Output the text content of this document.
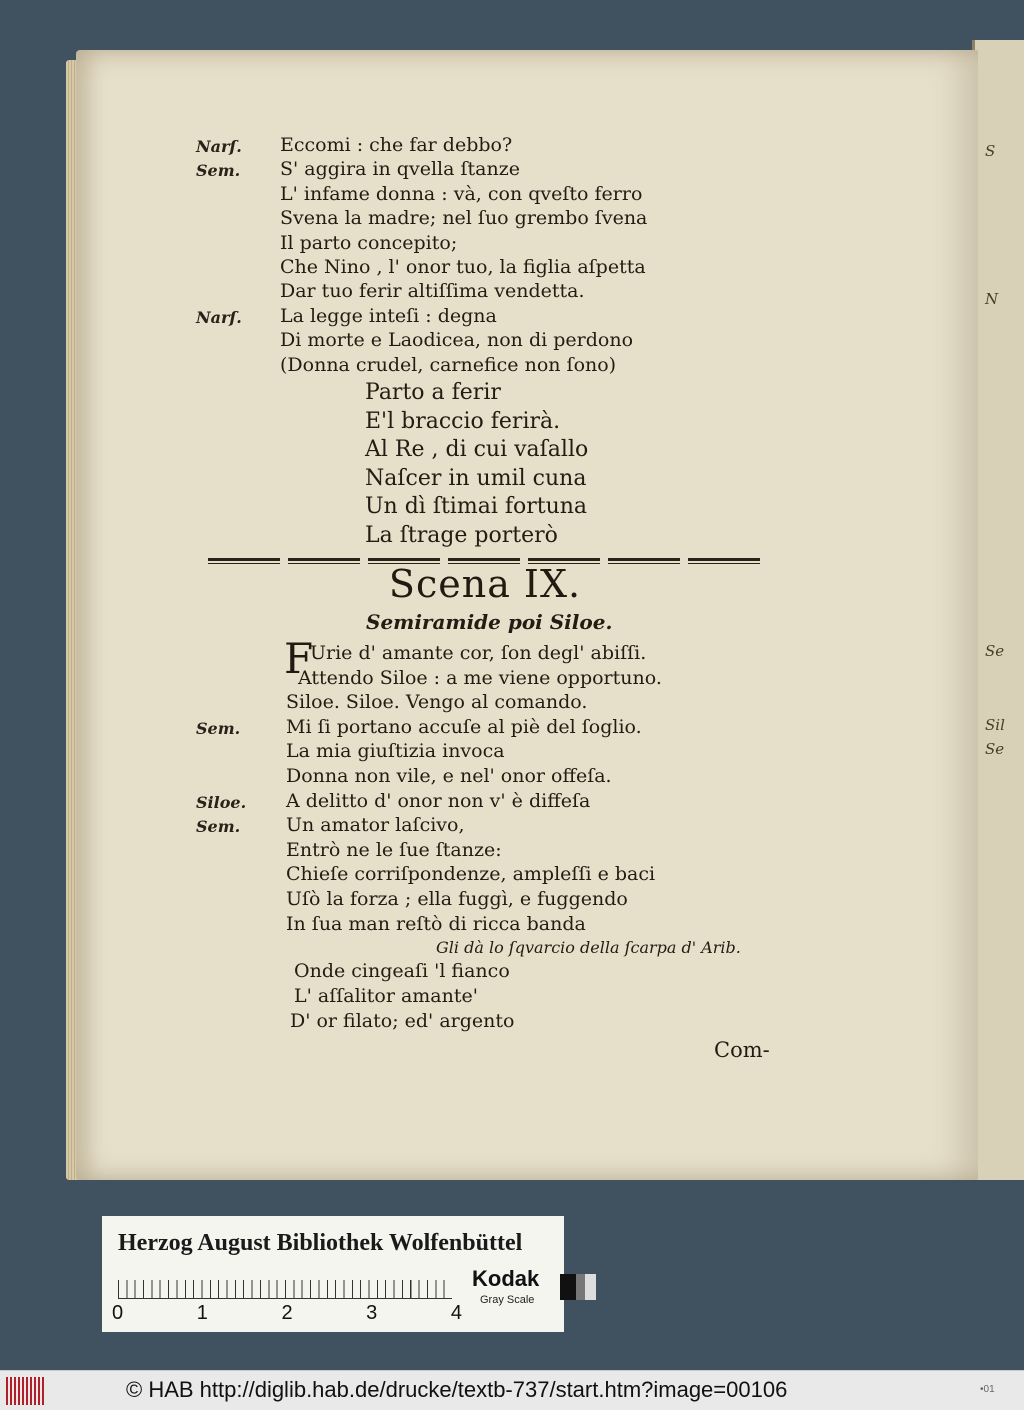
S
N
Se
Sil
Se
Narſ. Eccomi : che far debbo?
Sem. S' aggira in qvella ſtanze
L' infame donna : và, con qveſto ferro
Svena la madre; nel ſuo grembo ſvena
Il parto concepito;
Che Nino , l' onor tuo, la figlia aſpetta
Dar tuo ferir altiſſima vendetta.
Narſ. La legge inteſi : degna
Di morte e Laodicea, non di perdono
(Donna crudel, carnefice non ſono)
Parto a ferir
E'l braccio ferirà.
Al Re , di cui vaſallo
Naſcer in umil cuna
Un dì ſtimai fortuna
La ſtrage porterò
Scena IX.
Semiramide poi Siloe.
F
Urie d' amante cor, ſon degl' abiſſi.
Attendo Siloe : a me viene opportuno.
Siloe. Siloe. Vengo al comando.
Sem. Mi ſi portano accuſe al piè del ſoglio.
La mia giuſtizia invoca
Donna non vile, e nel' onor offeſa.
Siloe. A delitto d' onor non v' è diffeſa
Sem. Un amator laſcivo,
Entrò ne le ſue ſtanze:
Chieſe corriſpondenze, ampleſſi e baci
Uſò la forza ; ella fuggì, e fuggendo
In ſua man reſtò di ricca banda
Gli dà lo ſqvarcio della ſcarpa d' Arib.
Onde cingeaſi 'l fianco
L' aſſalitor amante'
D' or filato; ed' argento
Com-
Herzog August Bibliothek Wolfenbüttel
0	1	2	3	4
Kodak
Gray Scale
© HAB http://diglib.hab.de/drucke/textb-737/start.htm?image=00106	•01
